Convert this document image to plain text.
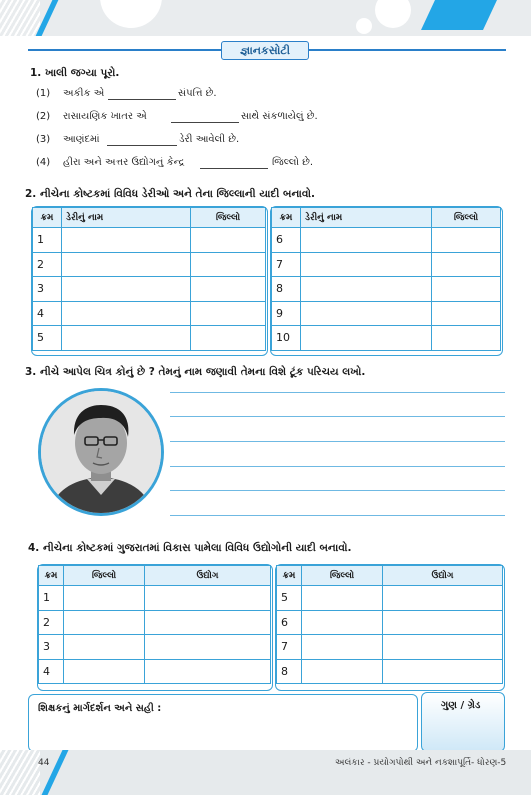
જ્ઞાનકસોટી
1. ખાલી જગ્યા પૂરો.
(1) અકીક એ	સંપત્તિ છે.
(2) રાસાયણિક ખાતર એ	સાથે સંકળાયેલું છે.
(3) આણંદમાં	ડેરી આવેલી છે.
(4) હીરા અને અત્તર ઉદ્યોગનું કેન્દ્ર	જિલ્લો છે.
2. નીચેના કોષ્ટકમાં વિવિધ ડેરીઓ અને તેના જિલ્લાની યાદી બનાવો.
ક્રમ	ડેરીનું નામ	જિલ્લો
1		
2		
3		
4		
5		
ક્રમ	ડેરીનું નામ	જિલ્લો
6		
7		
8		
9		
10		
3. નીચે આપેલ ચિત્ર કોનું છે ? તેમનું નામ જણાવી તેમના વિશે ટૂંક પરિચય લખો.
4. નીચેના કોષ્ટકમાં ગુજરાતમાં વિકાસ પામેલા વિવિધ ઉદ્યોગોની યાદી બનાવો.
ક્રમ	જિલ્લો	ઉદ્યોગ
1		
2		
3		
4		
ક્રમ	જિલ્લો	ઉદ્યોગ
5		
6		
7		
8		
શિક્ષકનું માર્ગદર્શન અને સહી :	ગુણ / ગ્રેડ
44	અલંકાર - પ્રયોગપોથી અને નકશાપૂર્તિ- ધોરણ-5
